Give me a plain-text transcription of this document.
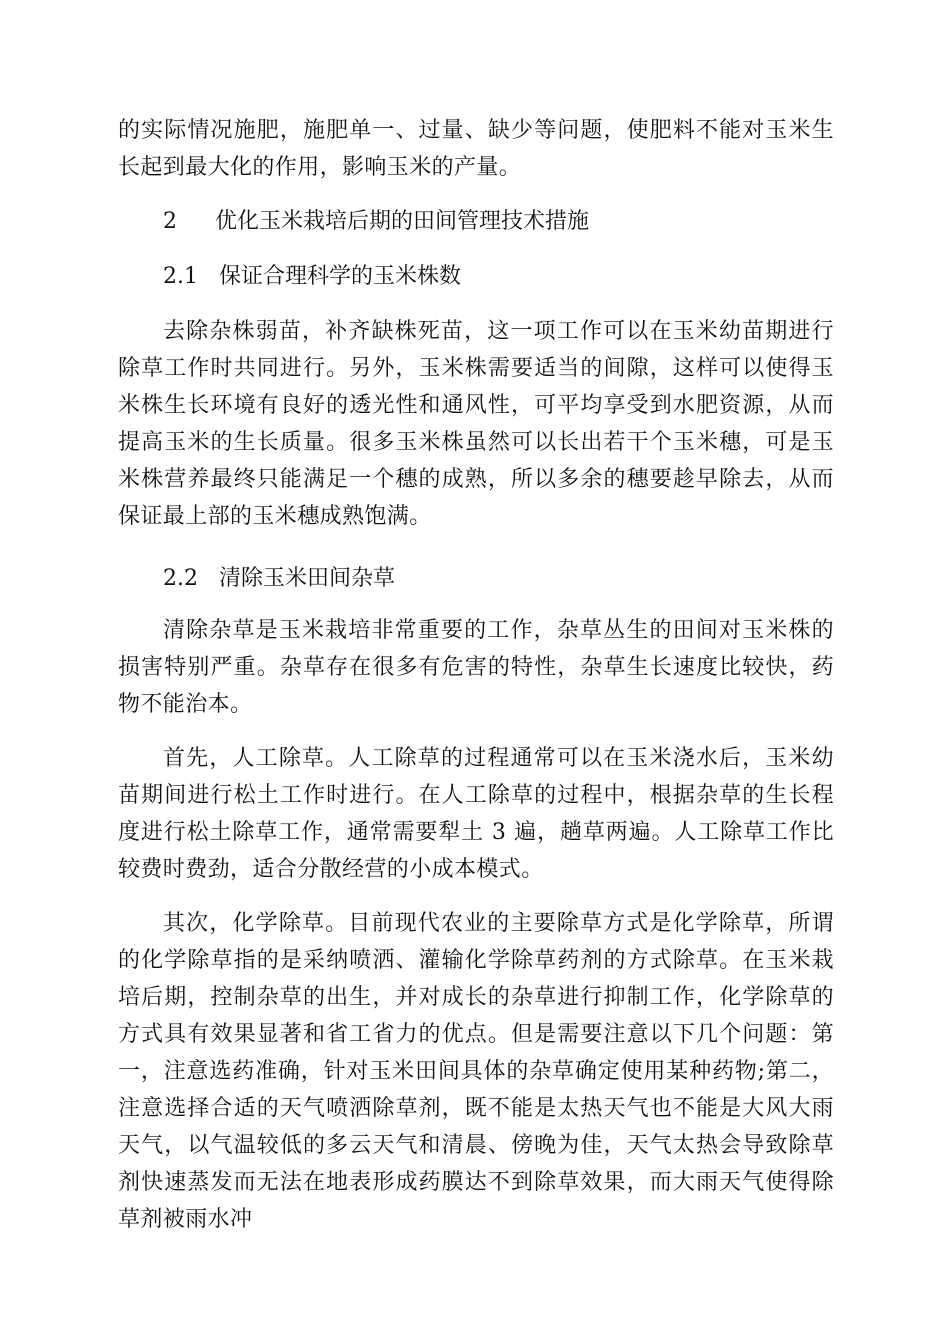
的实际情况施肥，施肥单一、过量、缺少等问题，使肥料不能对玉米生长起到最大化的作用，影响玉米的产量。

2 优化玉米栽培后期的田间管理技术措施
2.1 保证合理科学的玉米株数

去除杂株弱苗，补齐缺株死苗，这一项工作可以在玉米幼苗期进行除草工作时共同进行。另外，玉米株需要适当的间隙，这样可以使得玉米株生长环境有良好的透光性和通风性，可平均享受到水肥资源，从而提高玉米的生长质量。很多玉米株虽然可以长出若干个玉米穗，可是玉米株营养最终只能满足一个穗的成熟，所以多余的穗要趁早除去，从而保证最上部的玉米穗成熟饱满。

2.2 清除玉米田间杂草

清除杂草是玉米栽培非常重要的工作，杂草丛生的田间对玉米株的损害特别严重。杂草存在很多有危害的特性，杂草生长速度比较快，药物不能治本。

首先，人工除草。人工除草的过程通常可以在玉米浇水后，玉米幼苗期间进行松土工作时进行。在人工除草的过程中，根据杂草的生长程度进行松土除草工作，通常需要犁土 3 遍，趟草两遍。人工除草工作比较费时费劲，适合分散经营的小成本模式。

其次，化学除草。目前现代农业的主要除草方式是化学除草，所谓的化学除草指的是采纳喷洒、灌输化学除草药剂的方式除草。在玉米栽培后期，控制杂草的出生，并对成长的杂草进行抑制工作，化学除草的方式具有效果显著和省工省力的优点。但是需要注意以下几个问题：第一，注意选药准确，针对玉米田间具体的杂草确定使用某种药物;第二，注意选择合适的天气喷洒除草剂，既不能是太热天气也不能是大风大雨天气，以气温较低的多云天气和清晨、傍晚为佳，天气太热会导致除草剂快速蒸发而无法在地表形成药膜达不到除草效果，而大雨天气使得除草剂被雨水冲
